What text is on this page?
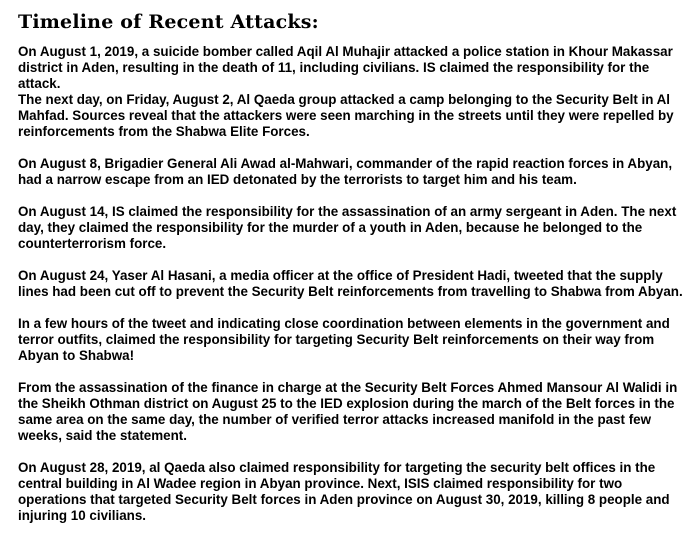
Timeline of Recent Attacks:

On August 1, 2019, a suicide bomber called Aqil Al Muhajir attacked a police station in Khour Makassar district in Aden, resulting in the death of 11, including civilians. IS claimed the responsibility for the attack.

The next day, on Friday, August 2, Al Qaeda group attacked a camp belonging to the Security Belt in Al Mahfad. Sources reveal that the attackers were seen marching in the streets until they were repelled by reinforcements from the Shabwa Elite Forces.

On August 8, Brigadier General Ali Awad al-Mahwari, commander of the rapid reaction forces in Abyan, had a narrow escape from an IED detonated by the terrorists to target him and his team.

On August 14, IS claimed the responsibility for the assassination of an army sergeant in Aden. The next day, they claimed the responsibility for the murder of a youth in Aden, because he belonged to the counterterrorism force.

On August 24, Yaser Al Hasani, a media officer at the office of President Hadi, tweeted that the supply lines had been cut off to prevent the Security Belt reinforcements from travelling to Shabwa from Abyan.

In a few hours of the tweet and indicating close coordination between elements in the government and terror outfits, claimed the responsibility for targeting Security Belt reinforcements on their way from Abyan to Shabwa!

From the assassination of the finance in charge at the Security Belt Forces Ahmed Mansour Al Walidi in the Sheikh Othman district on August 25 to the IED explosion during the march of the Belt forces in the same area on the same day, the number of verified terror attacks increased manifold in the past few weeks, said the statement.

On August 28, 2019, al Qaeda also claimed responsibility for targeting the security belt offices in the central building in Al Wadee region in Abyan province. Next, ISIS claimed responsibility for two operations that targeted Security Belt forces in Aden province on August 30, 2019, killing 8 people and injuring 10 civilians.
